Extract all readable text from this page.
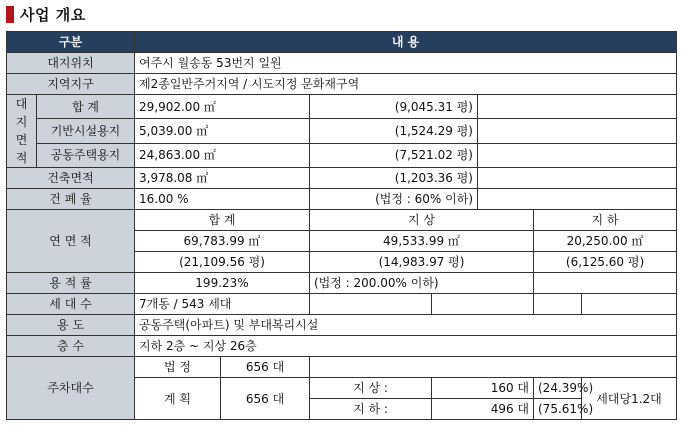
사업 개요
구분		내 용						
대지위치		여주시 월송동 53번지 일원						
지역지구		제2종일반주거지역 / 시도지정 문화재구역						

대
지
면
적	합 계	29,902.00 ㎡		(9,045.31 평)				
	기반시설용지	5,039.00 ㎡		(1,524.29 평)				
	공동주택용지	24,863.00 ㎡		(7,521.02 평)				
건축면적		3,978.08 ㎡		(1,203.36 평)				
건 폐 율		16.00 %		(법정 : 60% 이하)				
연 면 적		합 계		지 상			지 하	
		69,783.99 ㎡		49,533.99 ㎡			20,250.00 ㎡	
		(21,109.56 평)		(14,983.97 평)			(6,125.60 평)	
용 적 률		199.23%		(법정 : 200.00% 이하)				
세 대 수		7개동 / 543 세대						
용 도		공동주택(아파트) 및 부대복리시설						
층 수		지하 2층 ~ 지상 26층						
주차대수		법 정	656 대					
		계 획	656 대	지 상 :	160 대		(24.39%)	세대당1.2대
				지 하 :	496 대		(75.61%)	
